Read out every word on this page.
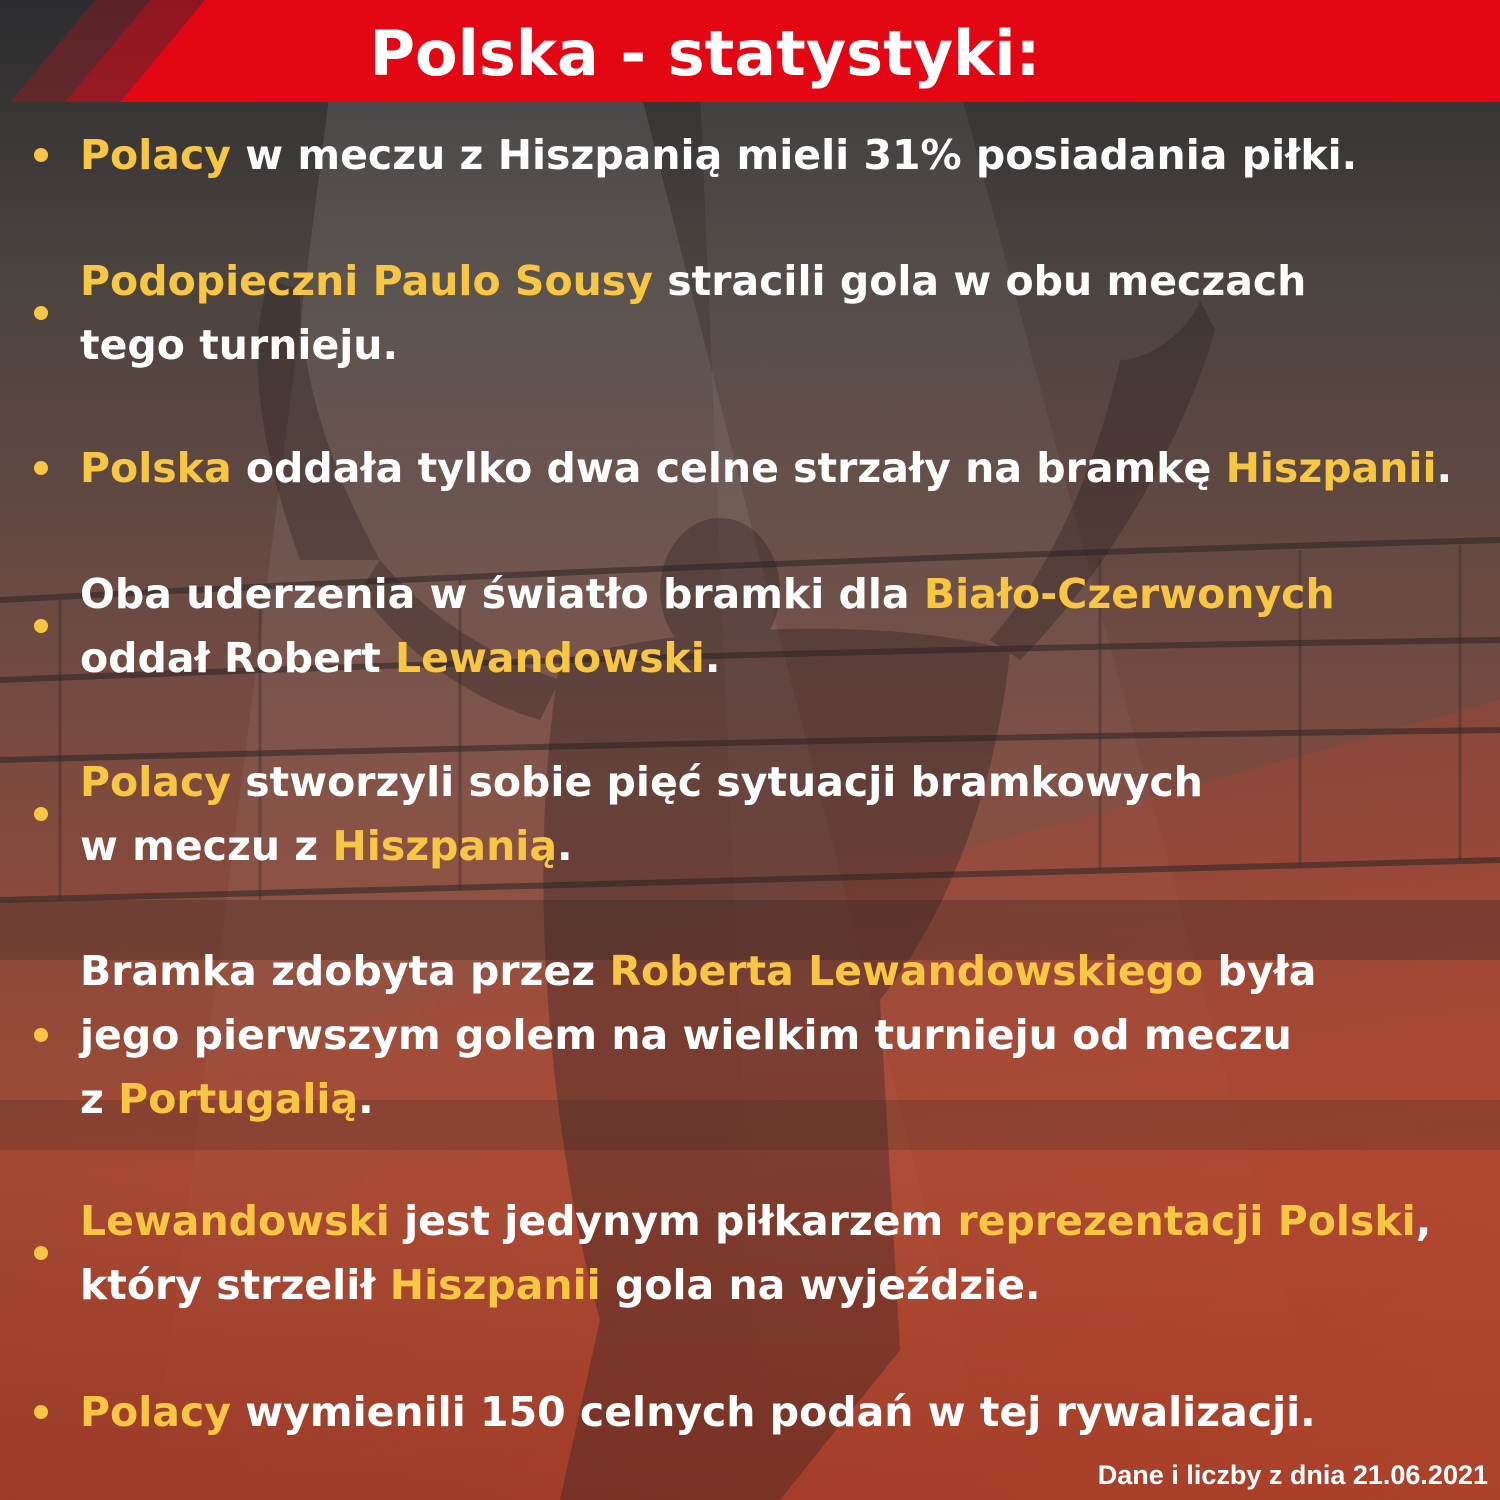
Polska - statystyki:

Polacy w meczu z Hiszpanią mieli 31% posiadania piłki.

Podopieczni Paulo Sousy stracili gola w obu meczach
tego turnieju.

Polska oddała tylko dwa celne strzały na bramkę Hiszpanii.

Oba uderzenia w światło bramki dla Biało-Czerwonych
oddał Robert Lewandowski.

Polacy stworzyli sobie pięć sytuacji bramkowych
w meczu z Hiszpanią.

Bramka zdobyta przez Roberta Lewandowskiego była
jego pierwszym golem na wielkim turnieju od meczu
z Portugalią.

Lewandowski jest jedynym piłkarzem reprezentacji Polski,
który strzelił Hiszpanii gola na wyjeździe.

Polacy wymienili 150 celnych podań w tej rywalizacji.

Dane i liczby z dnia 21.06.2021
